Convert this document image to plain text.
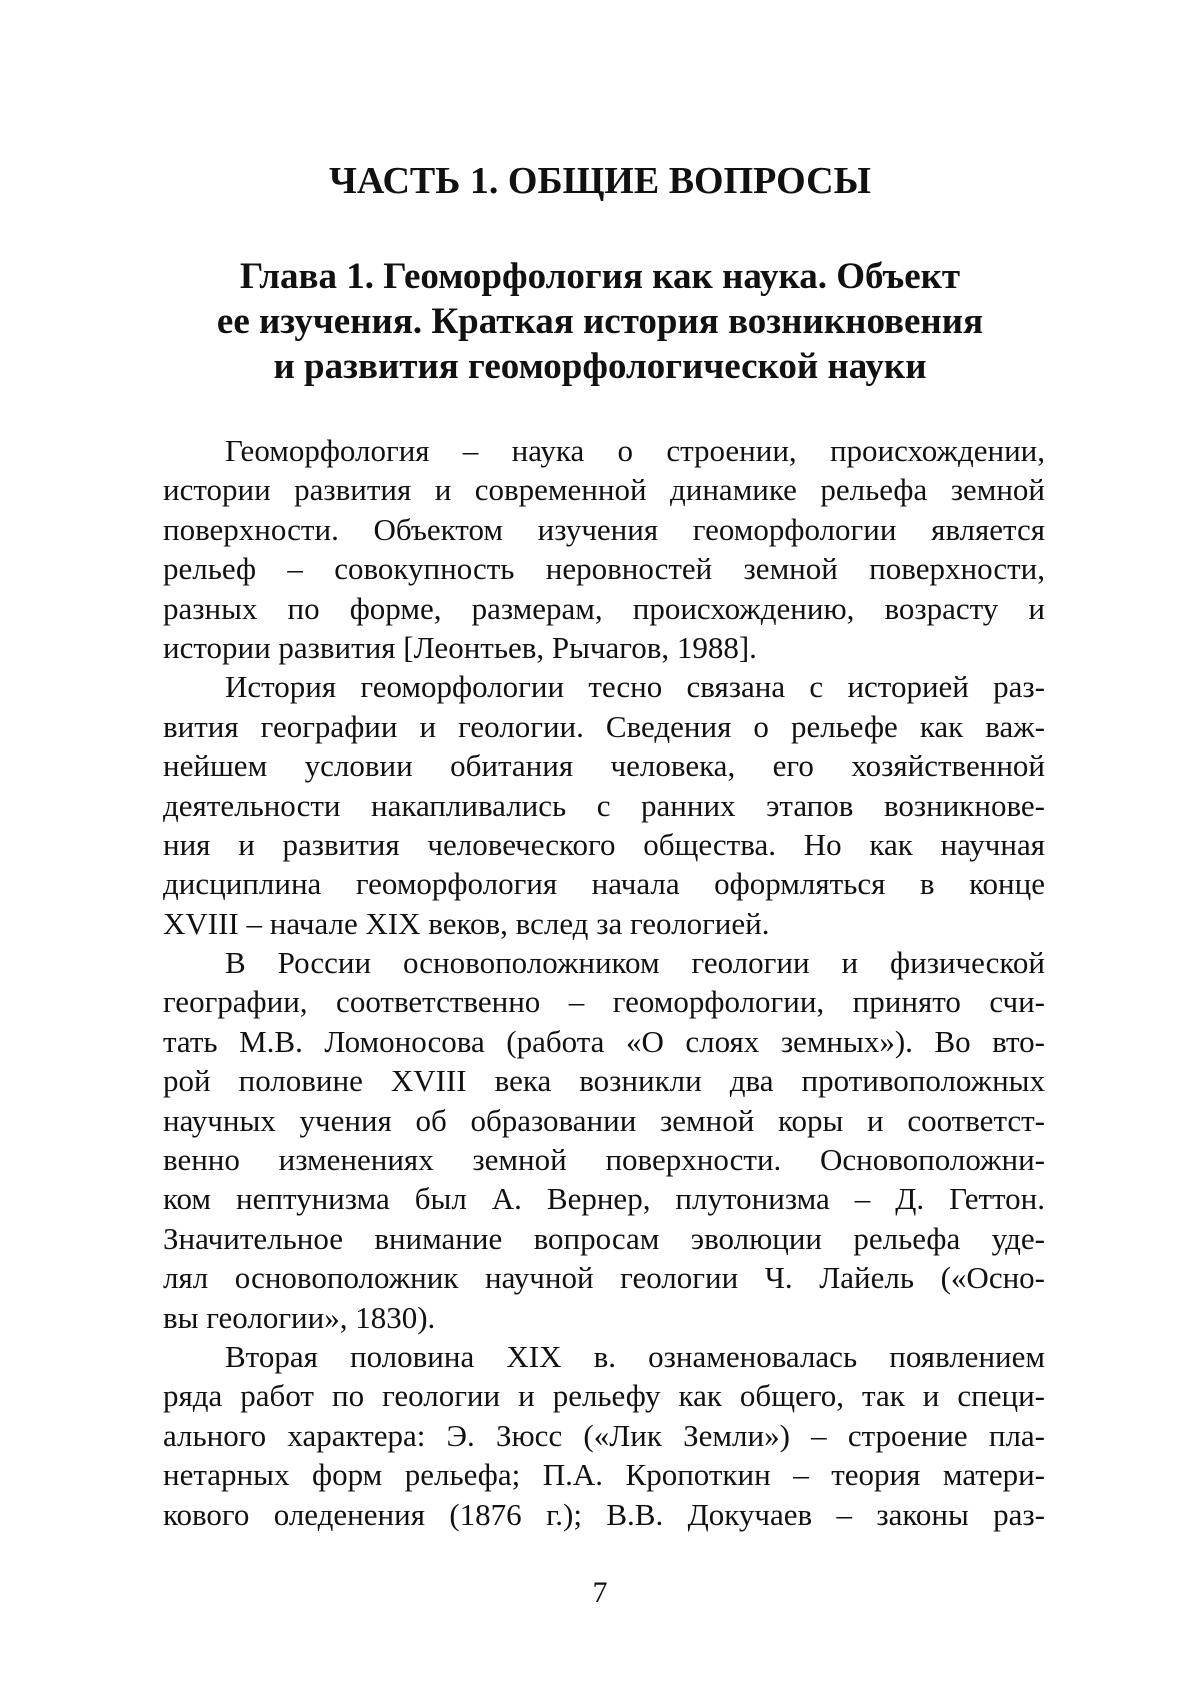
ЧАСТЬ 1. ОБЩИЕ ВОПРОСЫ
Глава 1. Геоморфология как наука. Объект
ее изучения. Краткая история возникновения
и развития геоморфологической науки
Геоморфология – наука о строении, происхождении,
истории развития и современной динамике рельефа земной
поверхности. Объектом изучения геоморфологии является
рельеф – совокупность неровностей земной поверхности,
разных по форме, размерам, происхождению, возрасту и
истории развития [Леонтьев, Рычагов, 1988].
История геоморфологии тесно связана с историей раз-
вития географии и геологии. Сведения о рельефе как важ-
нейшем условии обитания человека, его хозяйственной
деятельности накапливались с ранних этапов возникнове-
ния и развития человеческого общества. Но как научная
дисциплина геоморфология начала оформляться в конце
XVIII – начале XIX веков, вслед за геологией.
В России основоположником геологии и физической
географии, соответственно – геоморфологии, принято счи-
тать М.В. Ломоносова (работа «О слоях земных»). Во вто-
рой половине XVIII века возникли два противоположных
научных учения об образовании земной коры и соответст-
венно изменениях земной поверхности. Основоположни-
ком нептунизма был А. Вернер, плутонизма – Д. Геттон.
Значительное внимание вопросам эволюции рельефа уде-
лял основоположник научной геологии Ч. Лайель («Осно-
вы геологии», 1830).
Вторая половина XIX в. ознаменовалась появлением
ряда работ по геологии и рельефу как общего, так и специ-
ального характера: Э. Зюсс («Лик Земли») – строение пла-
нетарных форм рельефа; П.А. Кропоткин – теория матери-
кового оледенения (1876 г.); В.В. Докучаев – законы раз-
7
